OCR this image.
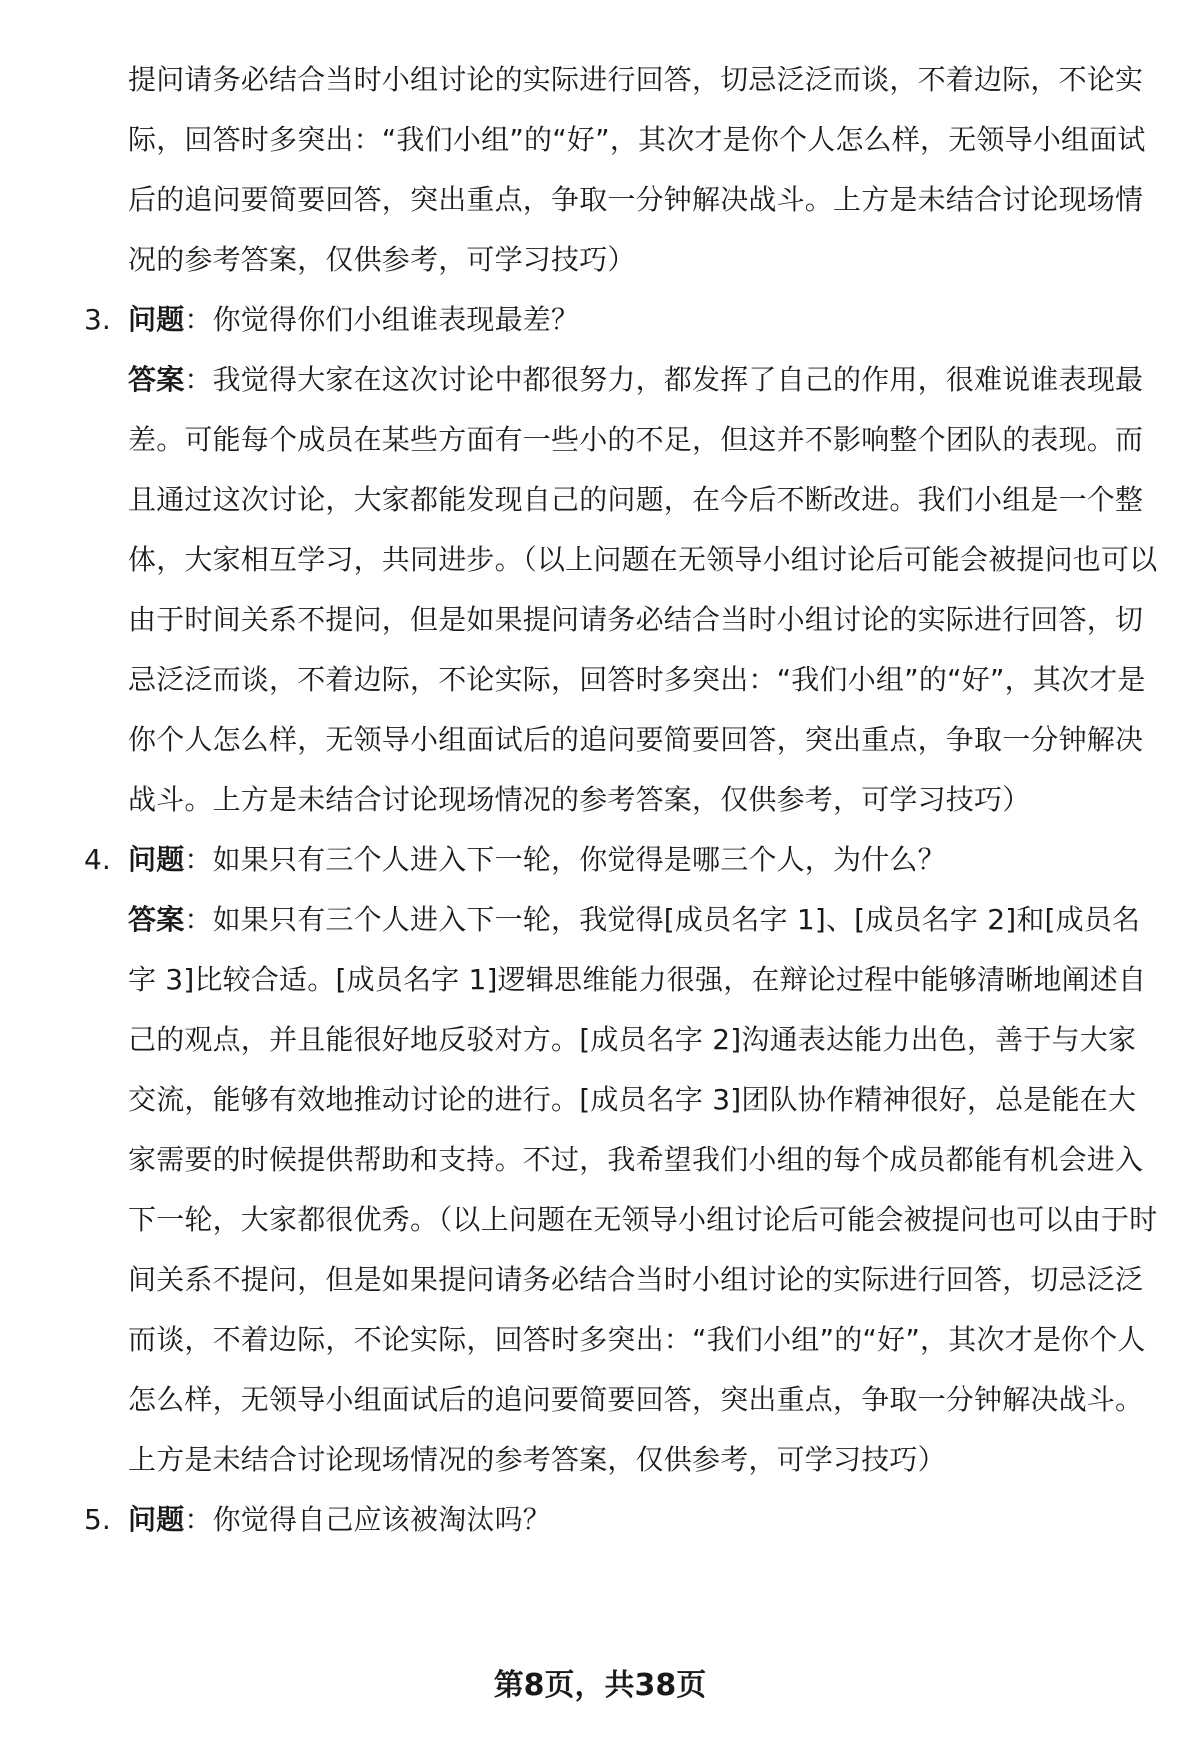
提问请务必结合当时小组讨论的实际进行回答，切忌泛泛而谈，不着边际，不论实际，回答时多突出：“我们小组”的“好”，其次才是你个人怎么样，无领导小组面试后的追问要简要回答，突出重点，争取一分钟解决战斗。上方是未结合讨论现场情况的参考答案，仅供参考，可学习技巧）

3. 问题：你觉得你们小组谁表现最差？

答案：我觉得大家在这次讨论中都很努力，都发挥了自己的作用，很难说谁表现最差。可能每个成员在某些方面有一些小的不足，但这并不影响整个团队的表现。而且通过这次讨论，大家都能发现自己的问题，在今后不断改进。我们小组是一个整体，大家相互学习，共同进步。（以上问题在无领导小组讨论后可能会被提问也可以由于时间关系不提问，但是如果提问请务必结合当时小组讨论的实际进行回答，切忌泛泛而谈，不着边际，不论实际，回答时多突出：“我们小组”的“好”，其次才是你个人怎么样，无领导小组面试后的追问要简要回答，突出重点，争取一分钟解决战斗。上方是未结合讨论现场情况的参考答案，仅供参考，可学习技巧）

4. 问题：如果只有三个人进入下一轮，你觉得是哪三个人，为什么？

答案：如果只有三个人进入下一轮，我觉得[成员名字 1]、[成员名字 2]和[成员名字 3]比较合适。[成员名字 1]逻辑思维能力很强，在辩论过程中能够清晰地阐述自己的观点，并且能很好地反驳对方。[成员名字 2]沟通表达能力出色，善于与大家交流，能够有效地推动讨论的进行。[成员名字 3]团队协作精神很好，总是能在大家需要的时候提供帮助和支持。不过，我希望我们小组的每个成员都能有机会进入下一轮，大家都很优秀。（以上问题在无领导小组讨论后可能会被提问也可以由于时间关系不提问，但是如果提问请务必结合当时小组讨论的实际进行回答，切忌泛泛而谈，不着边际，不论实际，回答时多突出：“我们小组”的“好”，其次才是你个人怎么样，无领导小组面试后的追问要简要回答，突出重点，争取一分钟解决战斗。上方是未结合讨论现场情况的参考答案，仅供参考，可学习技巧）

5. 问题：你觉得自己应该被淘汰吗？

第8页，共38页
